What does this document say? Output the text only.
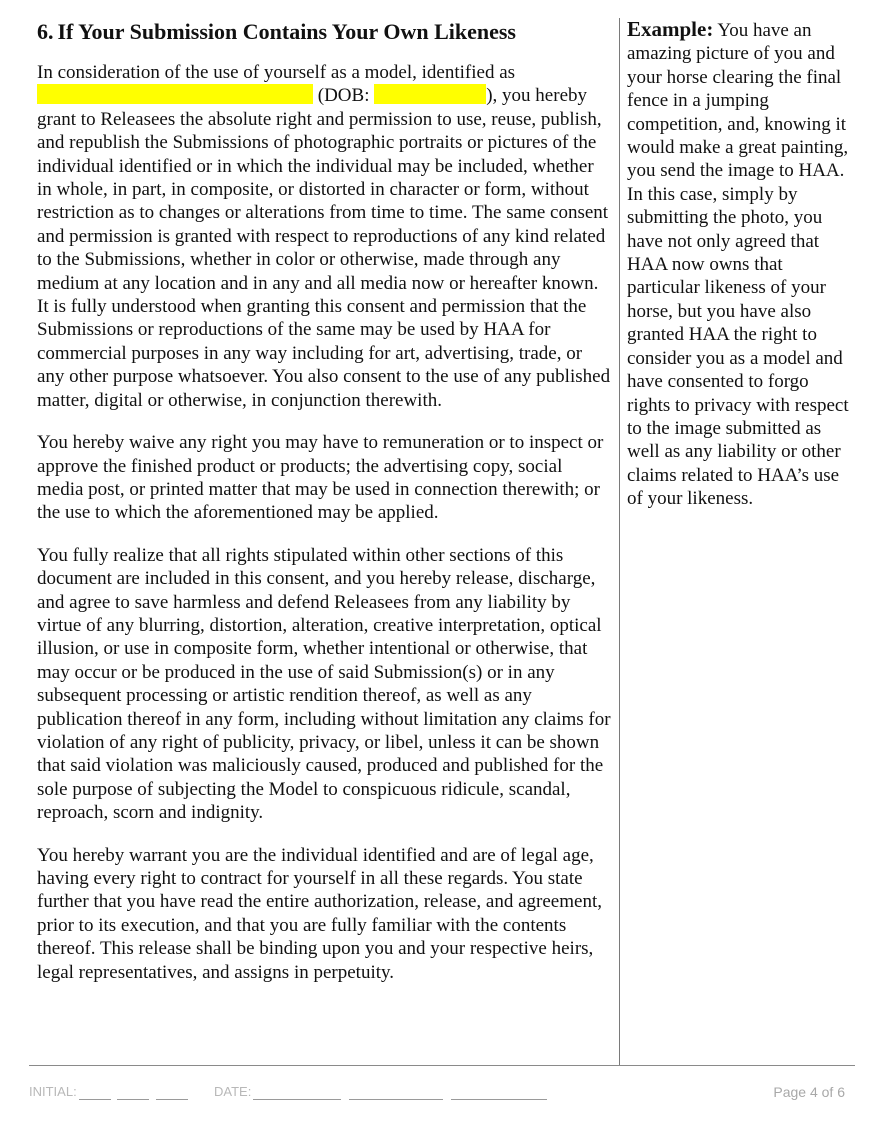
6. If Your Submission Contains Your Own Likeness

In consideration of the use of yourself as a model, identified as  (DOB:	), you hereby grant to Releasees the absolute right and permission to use, reuse, publish, and republish the Submissions of photographic portraits or pictures of the individual identified or in which the individual may be included, whether in whole, in part, in composite, or distorted in character or form, without restriction as to changes or alterations from time to time. The same consent and permission is granted with respect to reproductions of any kind related to the Submissions, whether in color or otherwise, made through any medium at any location and in any and all media now or hereafter known. It is fully understood when granting this consent and permission that the Submissions or reproductions of the same may be used by HAA for commercial purposes in any way including for art, advertising, trade, or any other purpose whatsoever. You also consent to the use of any published matter, digital or otherwise, in conjunction therewith.

You hereby waive any right you may have to remuneration or to inspect or approve the finished product or products; the advertising copy, social media post, or printed matter that may be used in connection therewith; or the use to which the aforementioned may be applied.

You fully realize that all rights stipulated within other sections of this document are included in this consent, and you hereby release, discharge, and agree to save harmless and defend Releasees from any liability by virtue of any blurring, distortion, alteration, creative interpretation, optical illusion, or use in composite form, whether intentional or otherwise, that may occur or be produced in the use of said Submission(s) or in any subsequent processing or artistic rendition thereof, as well as any publication thereof in any form, including without limitation any claims for violation of any right of publicity, privacy, or libel, unless it can be shown that said violation was maliciously caused, produced and published for the sole purpose of subjecting the Model to conspicuous ridicule, scandal, reproach, scorn and indignity.

You hereby warrant you are the individual identified and are of legal age, having every right to contract for yourself in all these regards. You state further that you have read the entire authorization, release, and agreement, prior to its execution, and that you are fully familiar with the contents thereof. This release shall be binding upon you and your respective heirs, legal representatives, and assigns in perpetuity.

Example: You have an amazing picture of you and your horse clearing the final fence in a jumping competition, and, knowing it would make a great painting, you send the image to HAA. In this case, simply by submitting the photo, you have not only agreed that HAA now owns that particular likeness of your horse, but you have also granted HAA the right to consider you as a model and have consented to forgo rights to privacy with respect to the image submitted as well as any liability or other claims related to HAA’s use of your likeness.

INITIAL:	DATE:	Page 4 of 6
